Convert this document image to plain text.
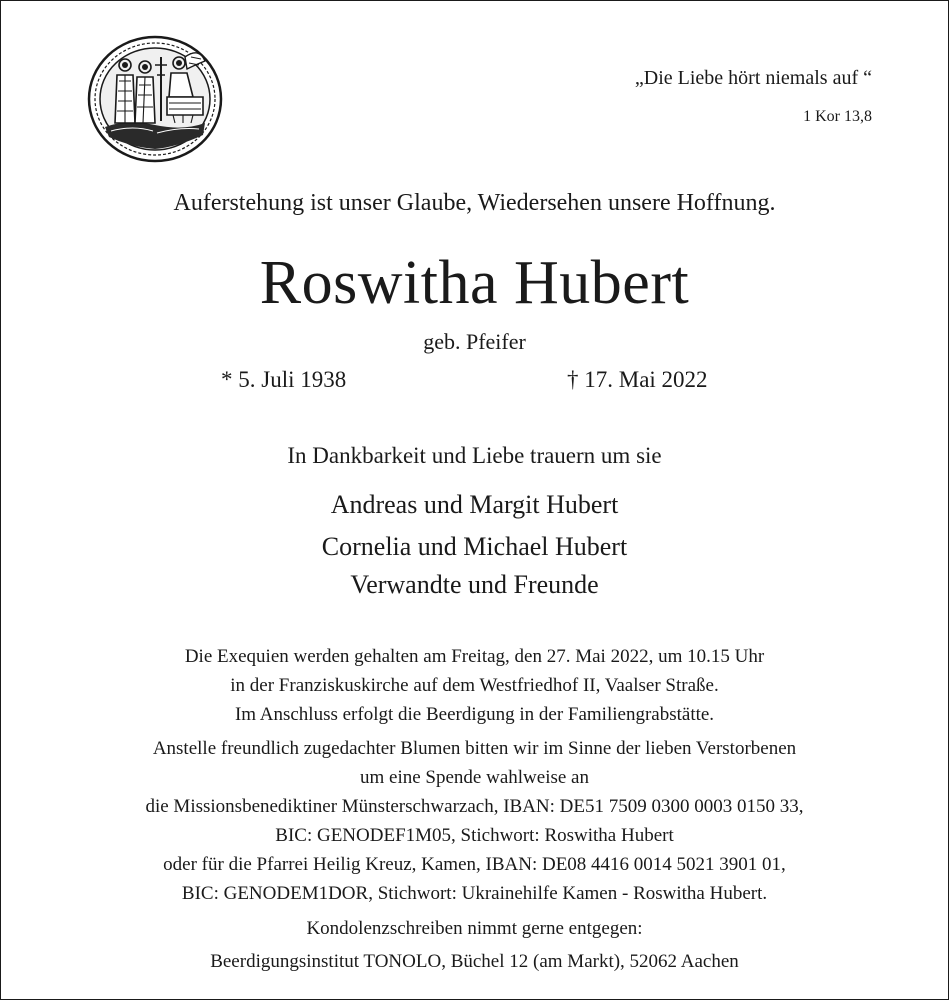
„Die Liebe hört niemals auf “
1 Kor 13,8
Auferstehung ist unser Glaube, Wiedersehen unsere Hoffnung.
Roswitha Hubert
geb. Pfeifer
* 5. Juli 1938	† 17. Mai 2022
In Dankbarkeit und Liebe trauern um sie
Andreas und Margit Hubert
Cornelia und Michael Hubert
Verwandte und Freunde
Die Exequien werden gehalten am Freitag, den 27. Mai 2022, um 10.15 Uhr
in der Franziskuskirche auf dem Westfriedhof II, Vaalser Straße.
Im Anschluss erfolgt die Beerdigung in der Familiengrabstätte.
Anstelle freundlich zugedachter Blumen bitten wir im Sinne der lieben Verstorbenen
um eine Spende wahlweise an
die Missionsbenediktiner Münsterschwarzach, IBAN: DE51 7509 0300 0003 0150 33,
BIC: GENODEF1M05, Stichwort: Roswitha Hubert
oder für die Pfarrei Heilig Kreuz, Kamen, IBAN: DE08 4416 0014 5021 3901 01,
BIC: GENODEM1DOR, Stichwort: Ukrainehilfe Kamen - Roswitha Hubert.
Kondolenzschreiben nimmt gerne entgegen:
Beerdigungsinstitut TONOLO, Büchel 12 (am Markt), 52062 Aachen
